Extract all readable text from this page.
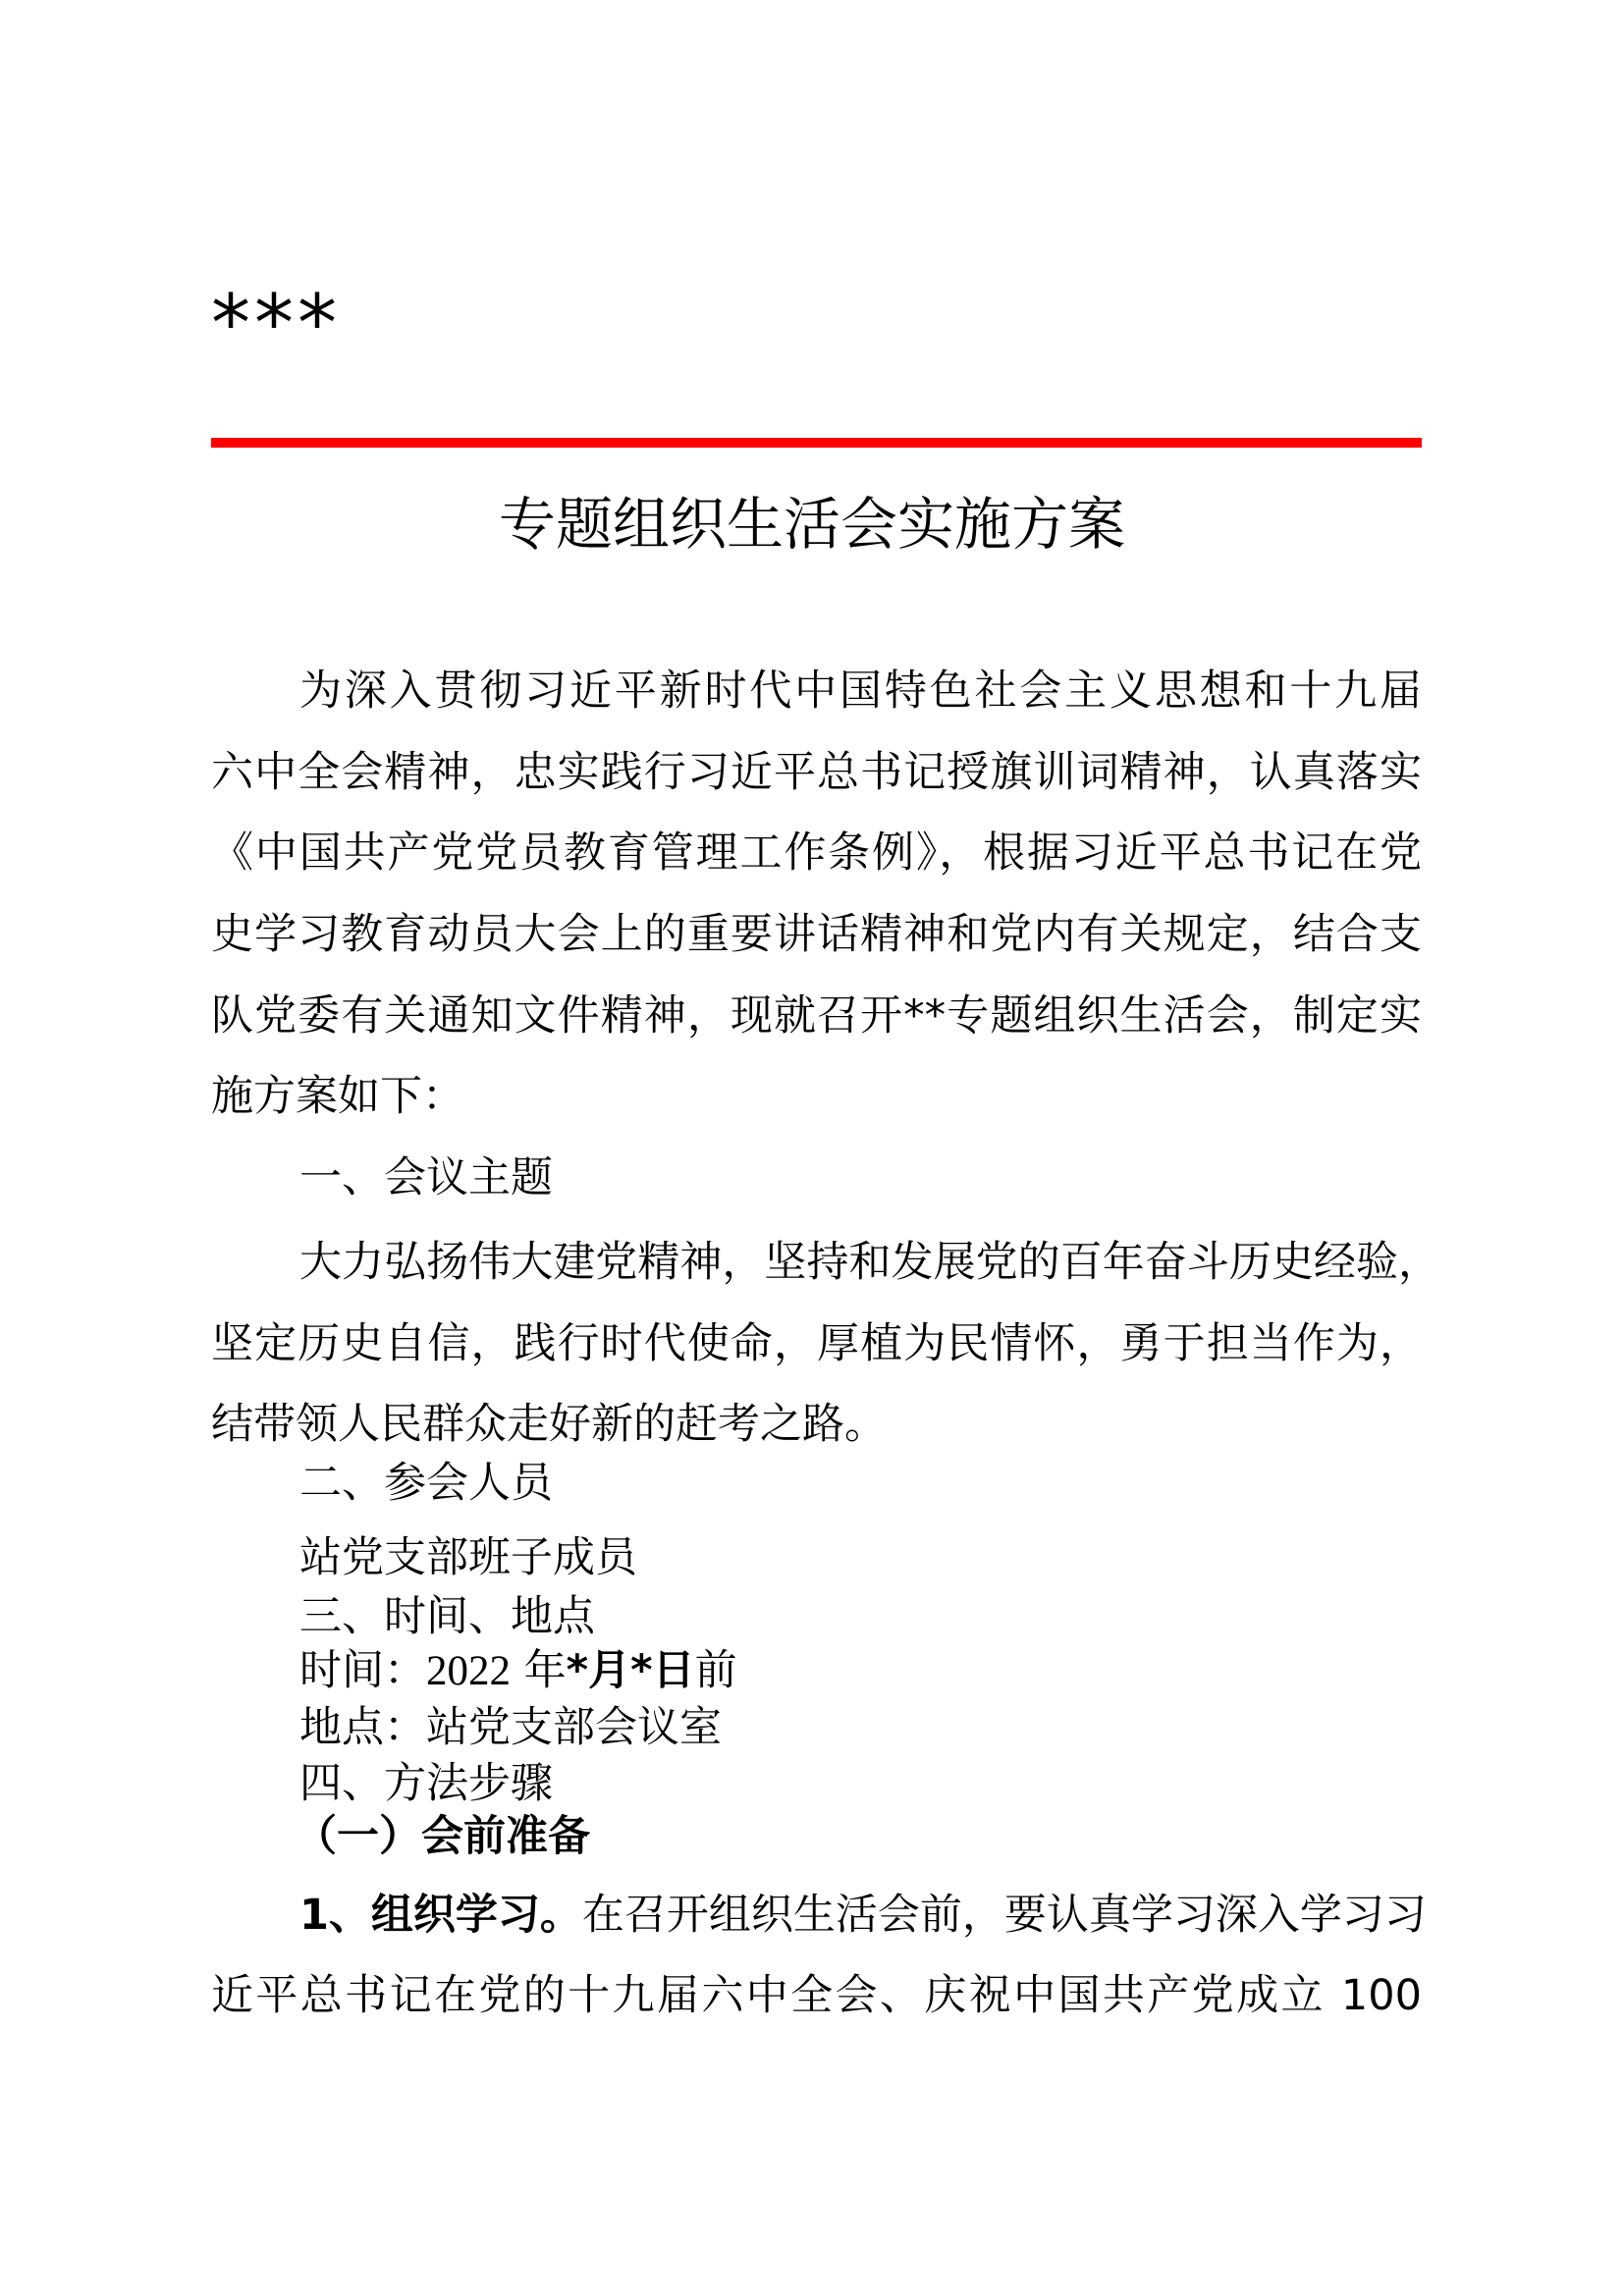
***
专题组织生活会实施方案
为深入贯彻习近平新时代中国特色社会主义思想和十九届
六中全会精神，忠实践行习近平总书记授旗训词精神，认真落实
《中国共产党党员教育管理工作条例》，根据习近平总书记在党
史学习教育动员大会上的重要讲话精神和党内有关规定，结合支
队党委有关通知文件精神，现就召开**专题组织生活会，制定实
施方案如下：
一、会议主题
大力弘扬伟大建党精神，坚持和发展党的百年奋斗历史经验，
坚定历史自信，践行时代使命，厚植为民情怀，勇于担当作为，
结带领人民群众走好新的赶考之路。
二、参会人员
站党支部班子成员
三、时间、地点
时间：2022 年*月*日前
地点：站党支部会议室
四、方法步骤
（一）会前准备
1、组织学习。 在召开组织生活会前，要认真学习深入学习习
近平总书记在党的十九届六中全会、庆祝中国共产党成立 100
